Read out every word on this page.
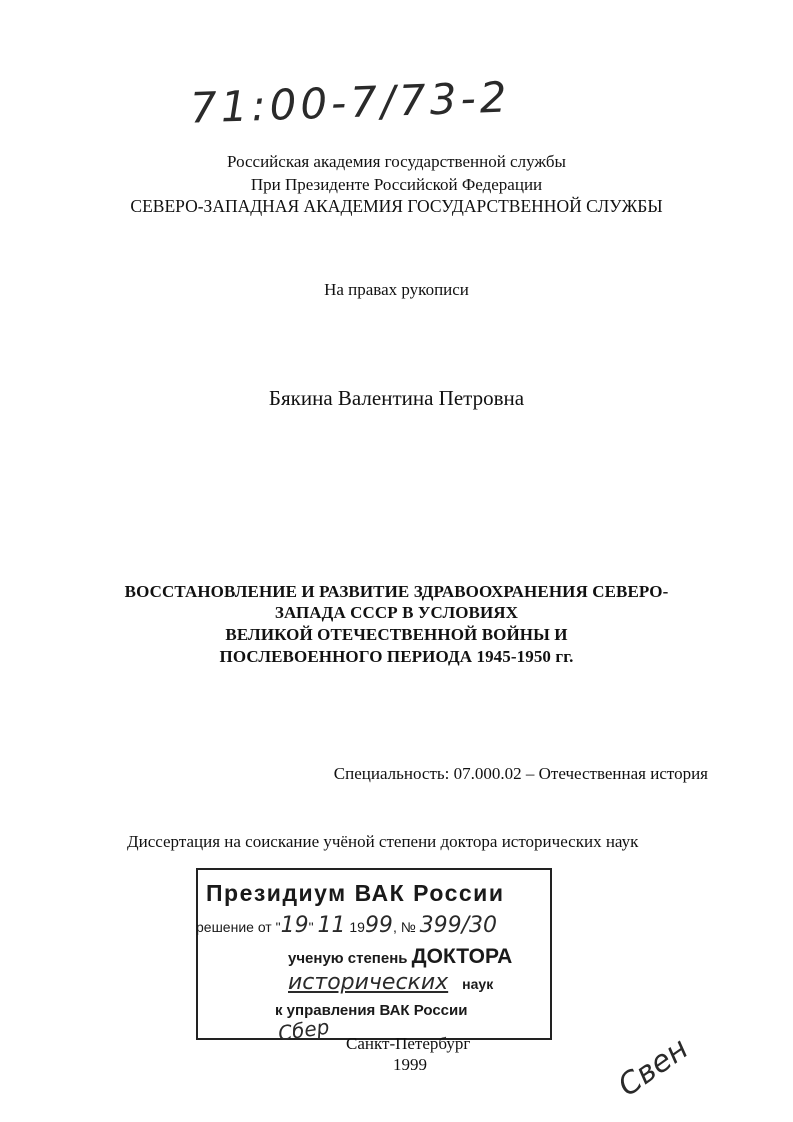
71:00-7/73-2
Российская академия государственной службы
При Президенте Российской Федерации
СЕВЕРО-ЗАПАДНАЯ АКАДЕМИЯ ГОСУДАРСТВЕННОЙ СЛУЖБЫ
На правах рукописи
Бякина Валентина Петровна
ВОССТАНОВЛЕНИЕ И РАЗВИТИЕ ЗДРАВООХРАНЕНИЯ СЕВЕРО-
ЗАПАДА СССР В УСЛОВИЯХ
ВЕЛИКОЙ ОТЕЧЕСТВЕННОЙ ВОЙНЫ И
ПОСЛЕВОЕННОГО ПЕРИОДА 1945-1950 гг.
Специальность: 07.000.02 – Отечественная история
Диссертация на соискание учёной степени доктора исторических наук
Президиум ВАК России
решение от "19" 11 1999, № 399/30
ученую степень ДОКТОРА
исторических наук
к управления ВАК России
Сбер Санкт-Петербург
1999	Свен
